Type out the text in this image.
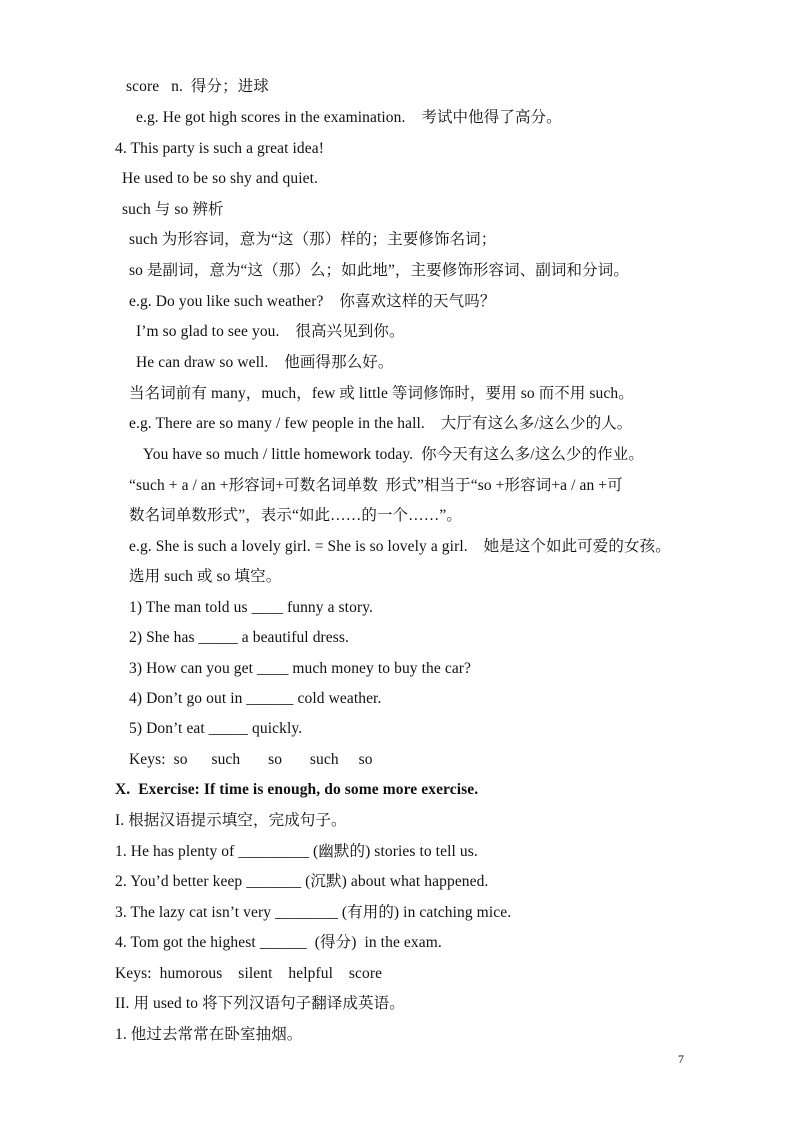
score   n.  得分；进球
e.g. He got high scores in the examination.    考试中他得了高分。
4. This party is such a great idea!
He used to be so shy and quiet.
such 与 so 辨析
such 为形容词，意为“这（那）样的；主要修饰名词；
so 是副词，意为“这（那）么；如此地”，主要修饰形容词、副词和分词。
e.g. Do you like such weather?    你喜欢这样的天气吗？
I’m so glad to see you.    很高兴见到你。
He can draw so well.    他画得那么好。
当名词前有 many，much，few 或 little 等词修饰时，要用 so 而不用 such。
e.g. There are so many / few people in the hall.    大厅有这么多/这么少的人。
You have so much / little homework today.  你今天有这么多/这么少的作业。
“such + a / an +形容词+可数名词单数  形式”相当于“so +形容词+a / an +可
数名词单数形式”，表示“如此……的一个……”。
e.g. She is such a lovely girl. = She is so lovely a girl.    她是这个如此可爱的女孩。
选用 such 或 so 填空。
1) The man told us ____ funny a story.
2) She has _____ a beautiful dress.
3) How can you get ____ much money to buy the car?
4) Don’t go out in ______ cold weather.
5) Don’t eat _____ quickly.
Keys:  so      such       so       such     so
X.  Exercise: If time is enough, do some more exercise.
I. 根据汉语提示填空，完成句子。
1. He has plenty of _________ (幽默的) stories to tell us.
2. You’d better keep _______ (沉默) about what happened.
3. The lazy cat isn’t very ________ (有用的) in catching mice.
4. Tom got the highest ______  (得分)  in the exam.
Keys:  humorous    silent    helpful    score
II. 用 used to 将下列汉语句子翻译成英语。
1. 他过去常常在卧室抽烟。
7
